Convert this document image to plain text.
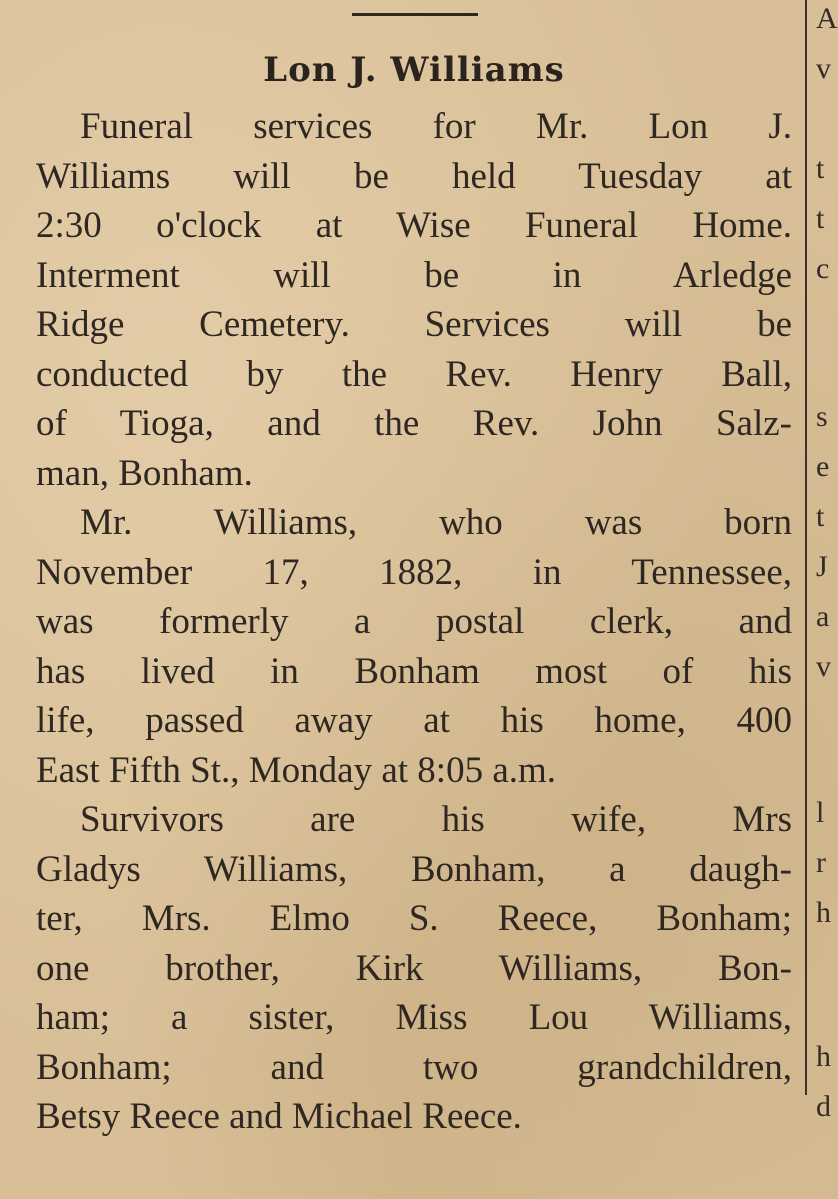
Lon J. Williams
Funeral services for Mr. Lon J.
Williams will be held Tuesday at
2:30 o'clock at Wise Funeral Home.
Interment will be in Arledge
Ridge Cemetery. Services will be
conducted by the Rev. Henry Ball,
of Tioga, and the Rev. John Salz-
man, Bonham.
Mr. Williams, who was born
November 17, 1882, in Tennessee,
was formerly a postal clerk, and
has lived in Bonham most of his
life, passed away at his home, 400
East Fifth St., Monday at 8:05 a.m.
Survivors are his wife, Mrs
Gladys Williams, Bonham, a daugh-
ter, Mrs. Elmo S. Reece, Bonham;
one brother, Kirk Williams, Bon-
ham; a sister, Miss Lou Williams,
Bonham; and two grandchildren,
Betsy Reece and Michael Reece.
A
v
t
t
c
s
e
t
J
a
v
l
r
h
h
d
